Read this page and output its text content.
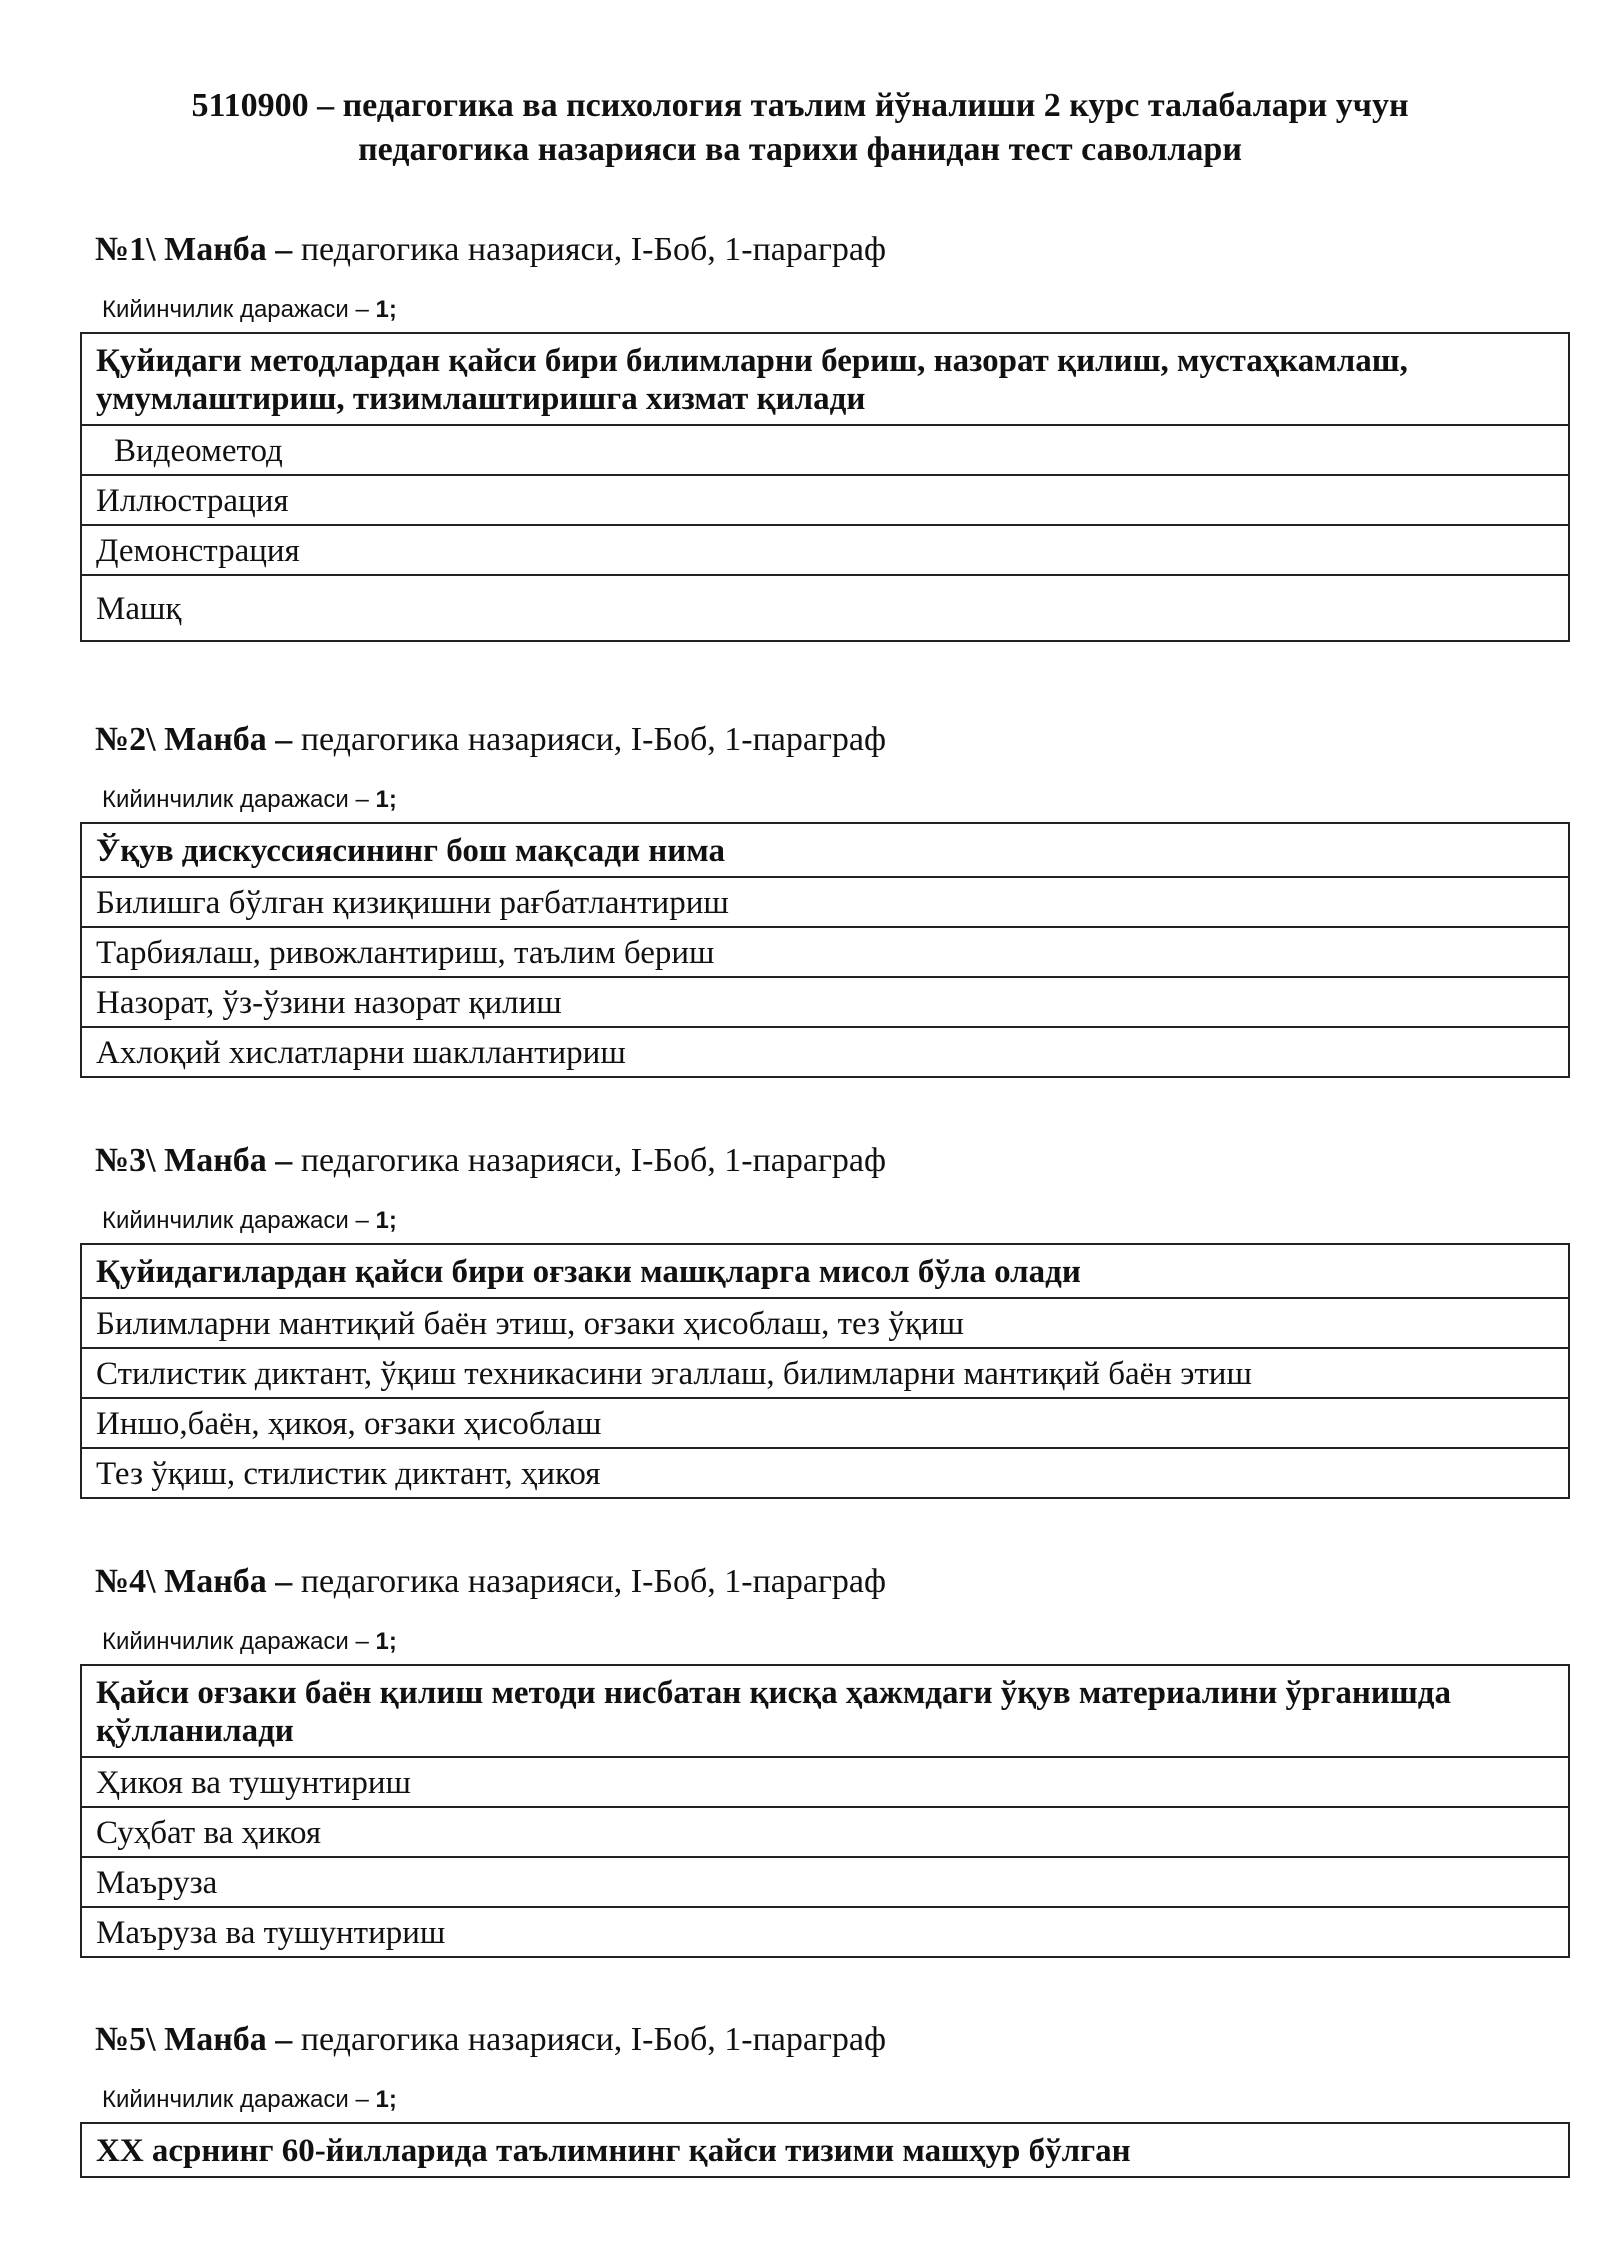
5110900 – педагогика ва психология таълим йўналиши 2 курс талабалари учун
педагогика назарияси ва тарихи фанидан тест саволлари
№1\ Манба – педагогика назарияси, I-Боб, 1-параграф
Кийинчилик даражаси – 1;
Қуйидаги методлардан қайси бири билимларни бериш, назорат қилиш, мустаҳкамлаш, умумлаштириш, тизимлаштиришга хизмат қилади
Видеометод
Иллюстрация
Демонстрация
Машқ
№2\ Манба – педагогика назарияси, I-Боб, 1-параграф
Кийинчилик даражаси – 1;
Ўқув дискуссиясининг бош мақсади нима
Билишга бўлган қизиқишни рағбатлантириш
Тарбиялаш, ривожлантириш, таълим бериш
Назорат, ўз-ўзини назорат қилиш
Ахлоқий хислатларни шакллантириш
№3\ Манба – педагогика назарияси, I-Боб, 1-параграф
Кийинчилик даражаси – 1;
Қуйидагилардан қайси бири оғзаки машқларга мисол бўла олади
Билимларни мантиқий баён этиш, оғзаки ҳисоблаш, тез ўқиш
Стилистик диктант, ўқиш техникасини эгаллаш, билимларни мантиқий баён этиш
Иншо,баён, ҳикоя, оғзаки ҳисоблаш
Тез ўқиш, стилистик диктант, ҳикоя
№4\ Манба – педагогика назарияси, I-Боб, 1-параграф
Кийинчилик даражаси – 1;
Қайси оғзаки баён қилиш методи нисбатан қисқа ҳажмдаги ўқув материалини ўрганишда қўлланилади
Ҳикоя ва тушунтириш
Суҳбат ва ҳикоя
Маъруза
Маъруза ва тушунтириш
№5\ Манба – педагогика назарияси, I-Боб, 1-параграф
Кийинчилик даражаси – 1;
XX асрнинг 60-йилларида таълимнинг қайси тизими машҳур бўлган
